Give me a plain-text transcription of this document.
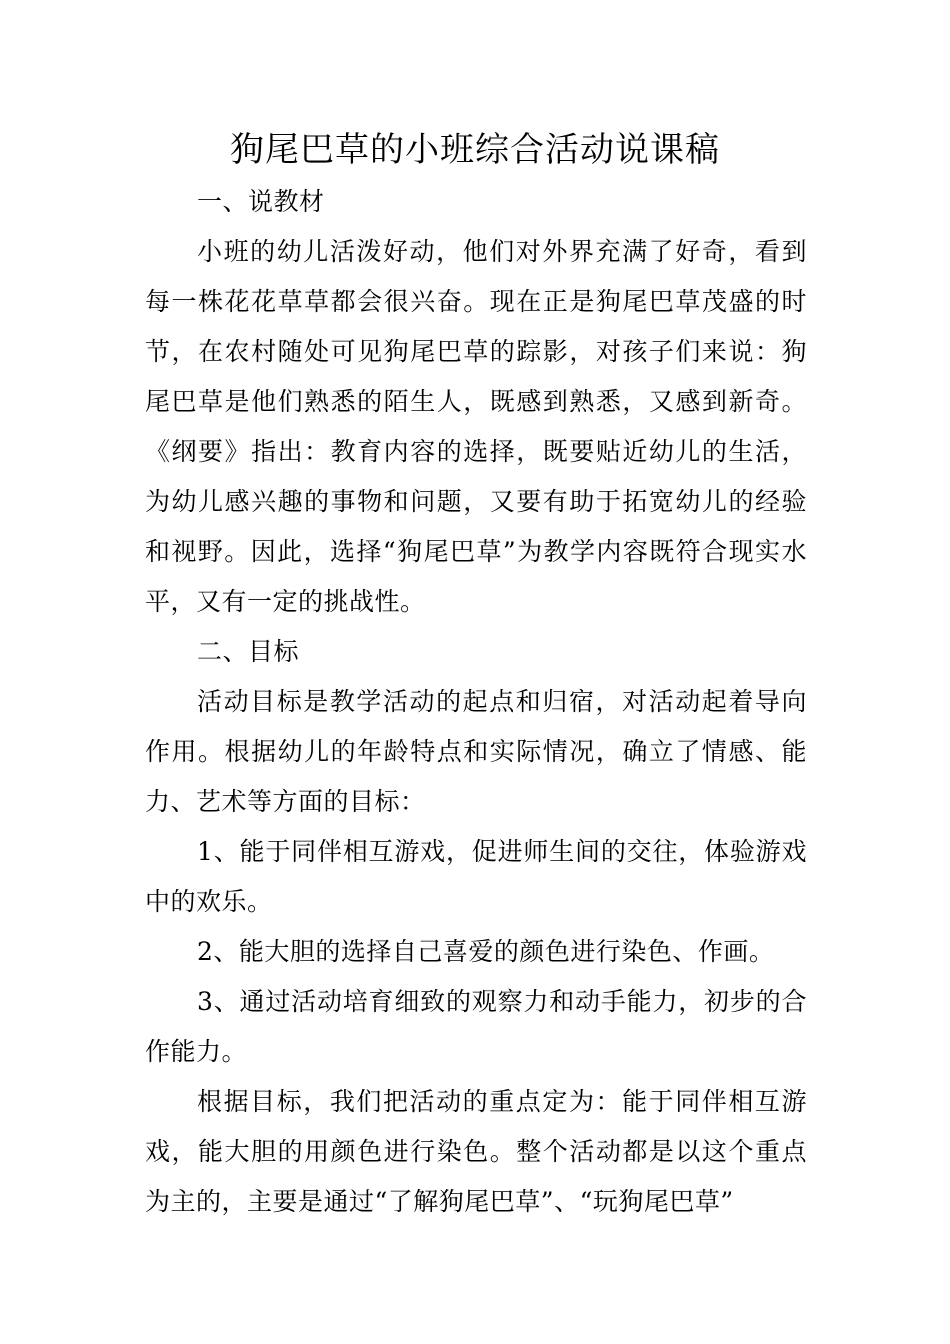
狗尾巴草的小班综合活动说课稿

一、说教材

小班的幼儿活泼好动，他们对外界充满了好奇，看到每一株花花草草都会很兴奋。现在正是狗尾巴草茂盛的时节，在农村随处可见狗尾巴草的踪影，对孩子们来说：狗尾巴草是他们熟悉的陌生人，既感到熟悉，又感到新奇。《纲要》指出：教育内容的选择，既要贴近幼儿的生活，为幼儿感兴趣的事物和问题，又要有助于拓宽幼儿的经验和视野。因此，选择“狗尾巴草”为教学内容既符合现实水平，又有一定的挑战性。

二、目标

活动目标是教学活动的起点和归宿，对活动起着导向作用。根据幼儿的年龄特点和实际情况，确立了情感、能力、艺术等方面的目标：

1、能于同伴相互游戏，促进师生间的交往，体验游戏中的欢乐。

2、能大胆的选择自己喜爱的颜色进行染色、作画。

3、通过活动培育细致的观察力和动手能力，初步的合作能力。

根据目标，我们把活动的重点定为：能于同伴相互游戏，能大胆的用颜色进行染色。整个活动都是以这个重点为主的，主要是通过“了解狗尾巴草”、“玩狗尾巴草”
